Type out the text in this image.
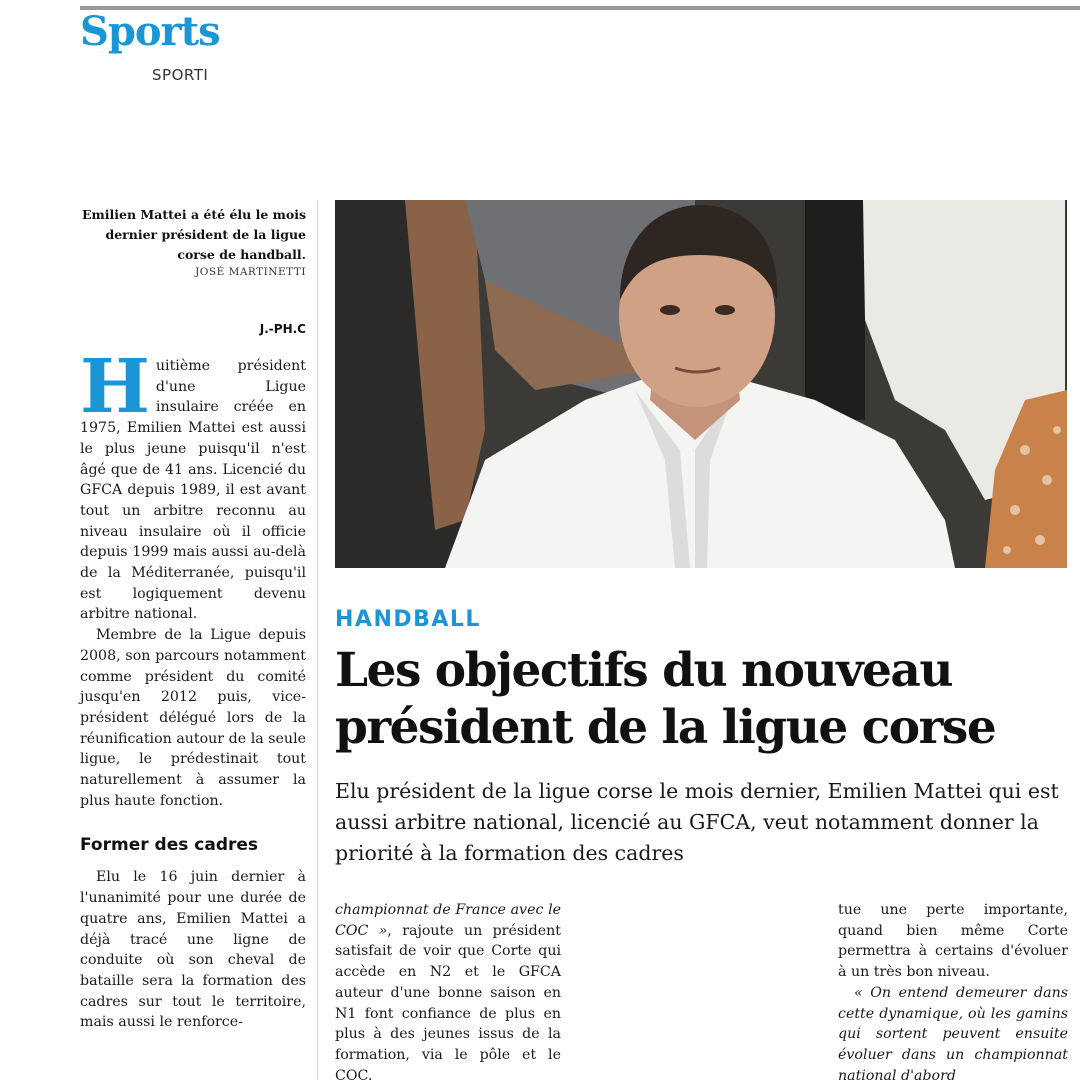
Sports
SPORTI
Emilien Mattei a été élu le mois dernier président de la ligue corse de handball.
JOSÉ MARTINETTI
J.-PH.C

Huitième président d'une Ligue insulaire créée en 1975, Emilien Mattei est aussi le plus jeune puisqu'il n'est âgé que de 41 ans. Licencié du GFCA depuis 1989, il est avant tout un arbitre reconnu au niveau insulaire où il officie depuis 1999 mais aussi au-delà de la Méditerranée, puisqu'il est logiquement devenu arbitre national.

Membre de la Ligue depuis 2008, son parcours notamment comme président du comité jusqu'en 2012 puis, vice-président délégué lors de la réunification autour de la seule ligue, le prédestinait tout naturellement à assumer la plus haute fonction.

Former des cadres

Elu le 16 juin dernier à l'unanimité pour une durée de quatre ans, Emilien Mattei a déjà tracé une ligne de conduite où son cheval de bataille sera la formation des cadres sur tout le territoire, mais aussi le renforce-

HANDBALL
Les objectifs du nouveau président de la ligue corse

Elu président de la ligue corse le mois dernier, Emilien Mattei qui est aussi arbitre national, licencié au GFCA, veut notamment donner la priorité à la formation des cadres

championnat de France avec le COC », rajoute un président satisfait de voir que Corte qui accède en N2 et le GFCA auteur d'une bonne saison en N1 font confiance de plus en plus à des jeunes issus de la formation, via le pôle et le COC.

tue une perte importante, quand bien même Corte permettra à certains d'évoluer à un très bon niveau.

« On entend demeurer dans cette dynamique, où les gamins qui sortent peuvent ensuite évoluer dans un championnat national d'abord
